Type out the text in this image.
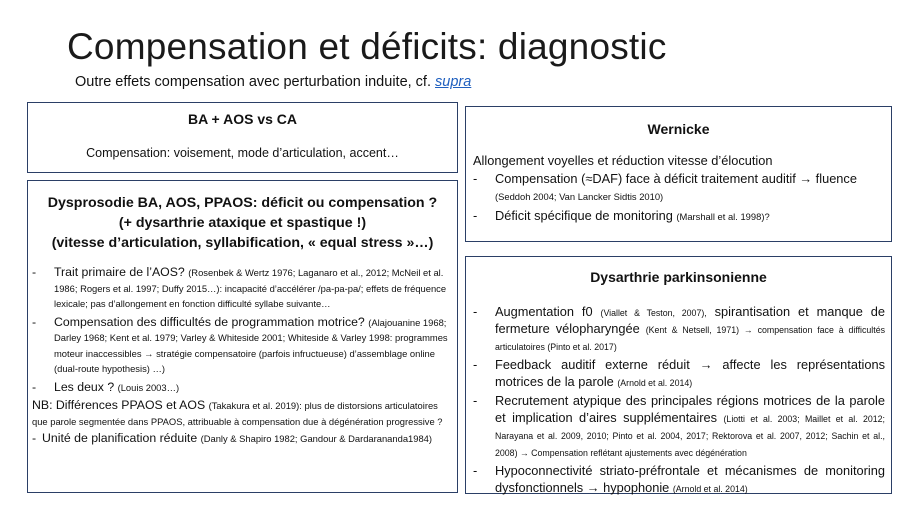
Compensation et déficits: diagnostic
Outre effets compensation avec perturbation induite, cf. supra
BA + AOS vs CA
Compensation: voisement, mode d’articulation, accent…
Dysprosodie BA, AOS, PPAOS: déficit ou compensation ?
(+ dysarthrie ataxique et spastique !)
(vitesse d’articulation, syllabification, « equal stress »…)
- Trait primaire de l’AOS? (Rosenbek & Wertz 1976; Laganaro et al., 2012; McNeil et al. 1986; Rogers et al. 1997; Duffy 2015…): incapacité d’accélérer /pa-pa-pa/; effets de fréquence lexicale; pas d’allongement en fonction difficulté syllabe suivante…
- Compensation des difficultés de programmation motrice? (Alajouanine 1968; Darley 1968; Kent et al. 1979; Varley & Whiteside 2001; Whiteside & Varley 1998: programmes moteur inaccessibles → stratégie compensatoire (parfois infructueuse) d’assemblage online (dual-route hypothesis) …)
- Les deux ? (Louis 2003…)
NB: Différences PPAOS et AOS (Takakura et al. 2019): plus de distorsions articulatoires que parole segmentée dans PPAOS, attribuable à compensation due à dégénération progressive ?
- Unité de planification réduite (Danly & Shapiro 1982; Gandour & Dardarananda1984)
Wernicke
Allongement voyelles et réduction vitesse d’élocution
- Compensation (≈DAF) face à déficit traitement auditif → fluence (Seddoh 2004; Van Lancker Sidtis 2010)
- Déficit spécifique de monitoring (Marshall et al. 1998)?
Dysarthrie parkinsonienne
- Augmentation f0 (Viallet & Teston, 2007), spirantisation et manque de fermeture vélopharyngée (Kent & Netsell, 1971) → compensation face à difficultés articulatoires (Pinto et al. 2017)
- Feedback auditif externe réduit → affecte les représentations motrices de la parole (Arnold et al. 2014)
- Recrutement atypique des principales régions motrices de la parole et implication d’aires supplémentaires (Liotti et al. 2003; Maillet et al. 2012; Narayana et al. 2009, 2010; Pinto et al. 2004, 2017; Rektorova et al. 2007, 2012; Sachin et al., 2008) → Compensation reflétant ajustements avec dégénération
- Hypoconnectivité striato-préfrontale et mécanismes de monitoring dysfonctionnels → hypophonie (Arnold et al. 2014)
